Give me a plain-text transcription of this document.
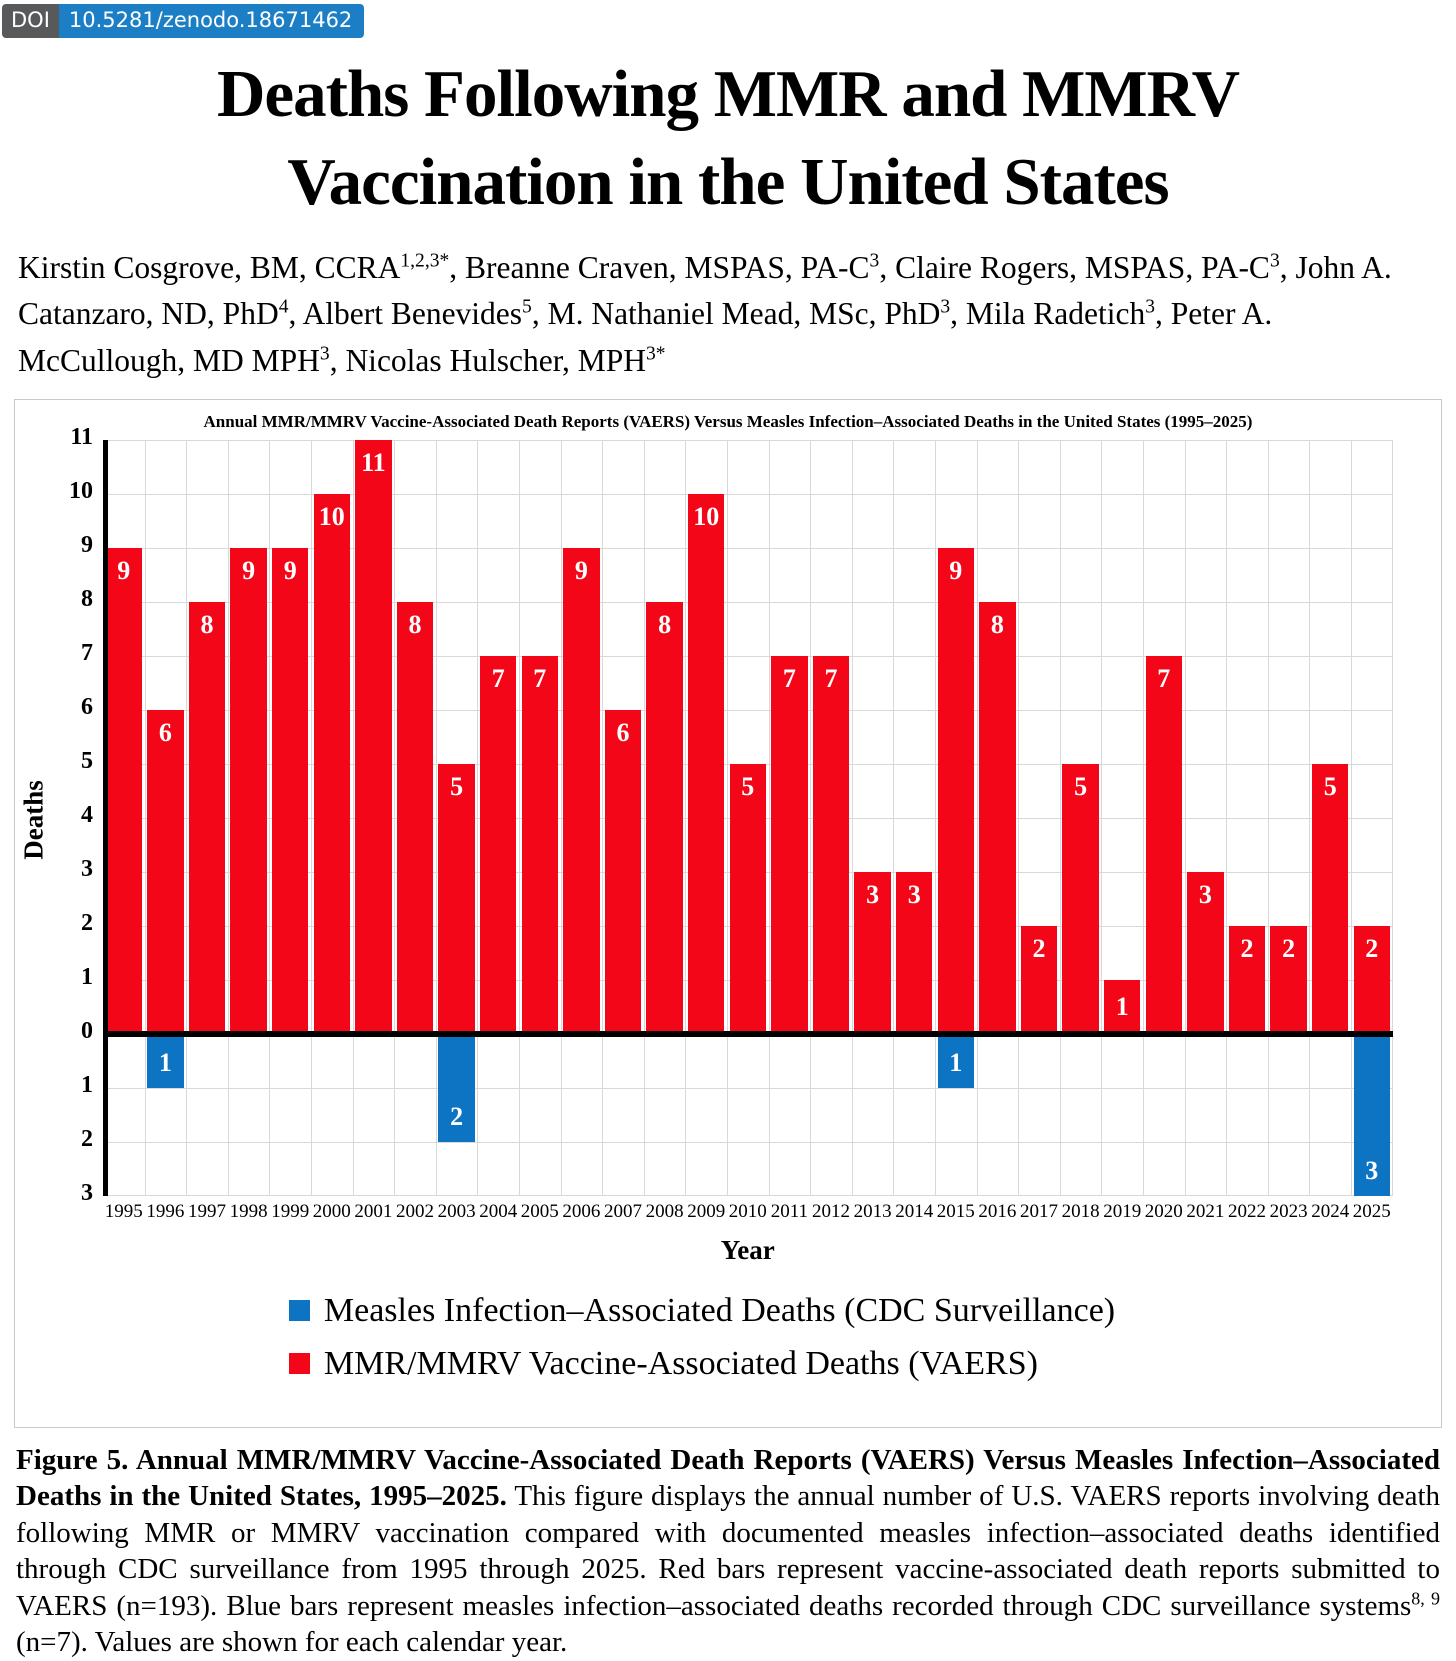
DOI 10.5281/zenodo.18671462
Deaths Following MMR and MMRV
Vaccination in the United States

Kirstin Cosgrove, BM, $CCRA^{1,2,3*}$, Breanne Craven, MSPAS, $PA-C^3$, Claire Rogers, MSPAS, $PA-C^3$, John A. Catanzaro, ND, PhD$^4$, Albert Benevides$^5$, M. Nathaniel Mead, MSc, PhD$^3$, Mila Radetich$^3$, Peter A. McCullough, MD MPH$^3$, Nicolas Hulscher, $MPH^{3*}$

Annual MMR/MMRV Vaccine-Associated Death Reports (VAERS) Versus Measles Infection–Associated Deaths in the United States (1995–2025)
Deaths
0
1
2
3
4
5
6
7
8
9
10
11
1
2
3
9
6
1
8
9	9
10
11
8
5
2
7	7
9
6
8
10
5
7	7
3	3
9
1
8
2
5
1
7
3
2	2
5
2
3
1995 1996 1997 1998 1999 2000 2001 2002 2003 2004 2005 2006 2007 2008 2009 2010 2011 2012 2013 2014 2015 2016 2017 2018 2019 2020 2021 2022 2023 2024 2025
Year
Measles Infection–Associated Deaths (CDC Surveillance)
MMR/MMRV Vaccine-Associated Deaths (VAERS)

Figure 5. Annual MMR/MMRV Vaccine-Associated Death Reports (VAERS) Versus Measles Infection–Associated Deaths in the United States, 1995–2025. This figure displays the annual number of U.S. VAERS reports involving death following MMR or MMRV vaccination compared with documented measles infection–associated deaths identified through CDC surveillance from 1995 through 2025. Red bars represent vaccine-associated death reports submitted to VAERS (n=193). Blue bars represent measles infection–associated deaths recorded through CDC surveillance systems$^{8, 9}$ (n=7). Values are shown for each calendar year.
